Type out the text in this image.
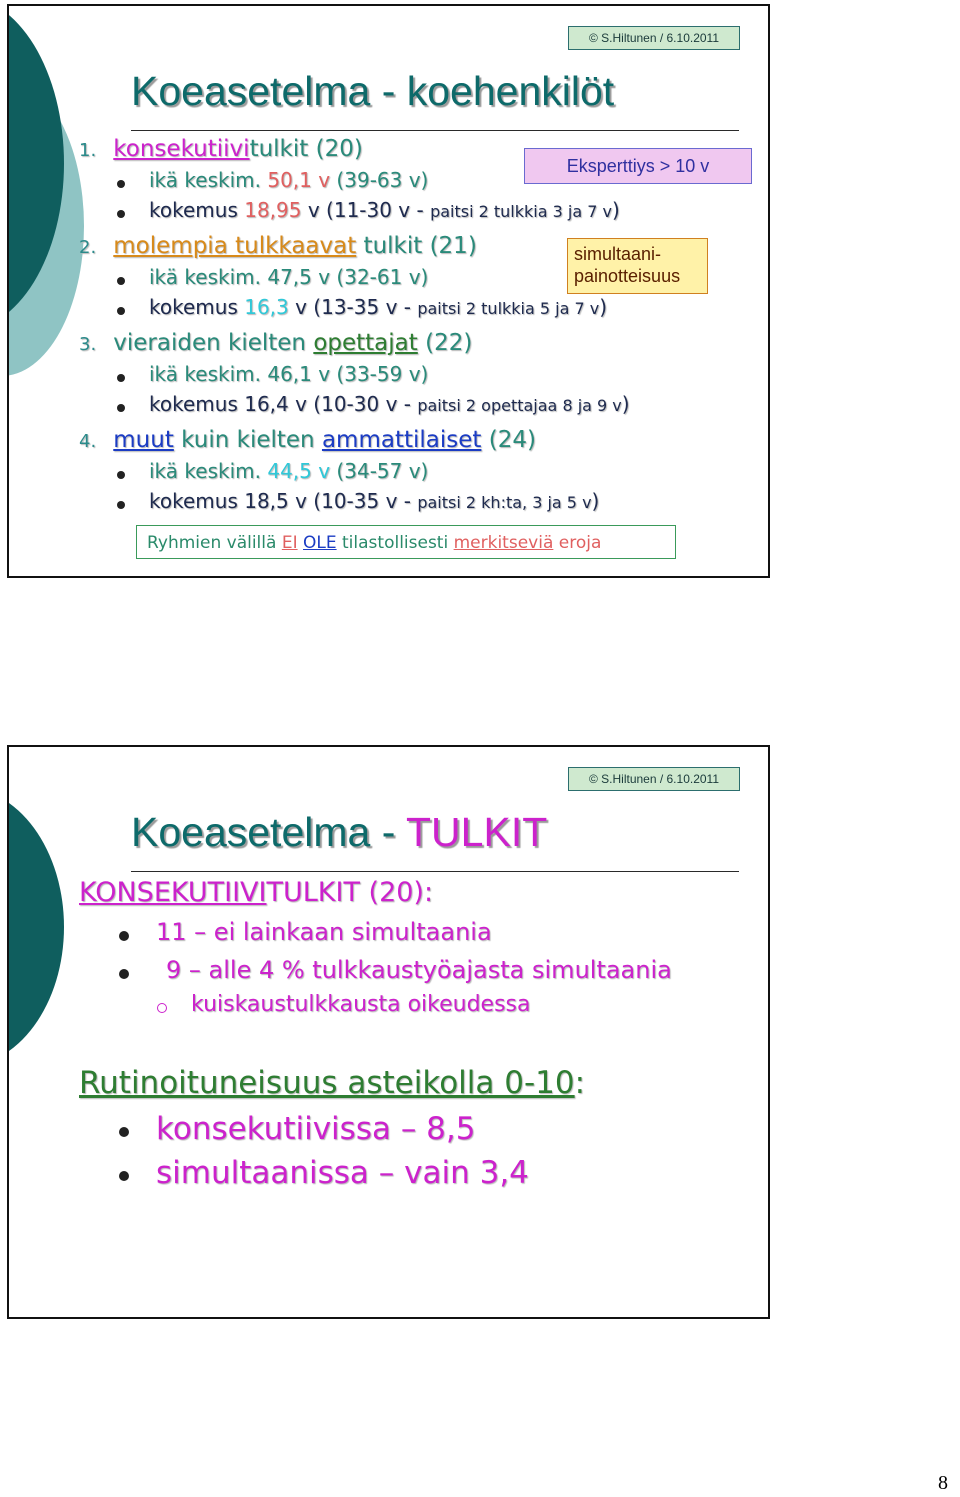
© S.Hiltunen / 6.10.2011
Koeasetelma - koehenkilöt
Eksperttiys > 10 v
simultaani-
painotteisuus
1. konsekutiivitulkit (20)
ikä keskim. 50,1 v (39-63 v)
kokemus 18,95 v (11-30 v - paitsi 2 tulkkia 3 ja 7 v)
2. molempia tulkkaavat tulkit (21)
ikä keskim. 47,5 v (32-61 v)
kokemus 16,3 v (13-35 v - paitsi 2 tulkkia 5 ja 7 v)
3. vieraiden kielten opettajat (22)
ikä keskim. 46,1 v (33-59 v)
kokemus 16,4 v (10-30 v - paitsi 2 opettajaa 8 ja 9 v)
4. muut kuin kielten ammattilaiset (24)
ikä keskim. 44,5 v (34-57 v)
kokemus 18,5 v (10-35 v - paitsi 2 kh:ta, 3 ja 5 v)
Ryhmien välillä EI OLE tilastollisesti merkitseviä eroja
© S.Hiltunen / 6.10.2011
Koeasetelma - TULKIT
KONSEKUTIIVITULKIT (20):
11 – ei lainkaan simultaania
9 – alle 4 % tulkkaustyöajasta simultaania
kuiskaustulkkausta oikeudessa
Rutinoituneisuus asteikolla 0-10:
konsekutiivissa – 8,5
simultaanissa – vain 3,4
8
